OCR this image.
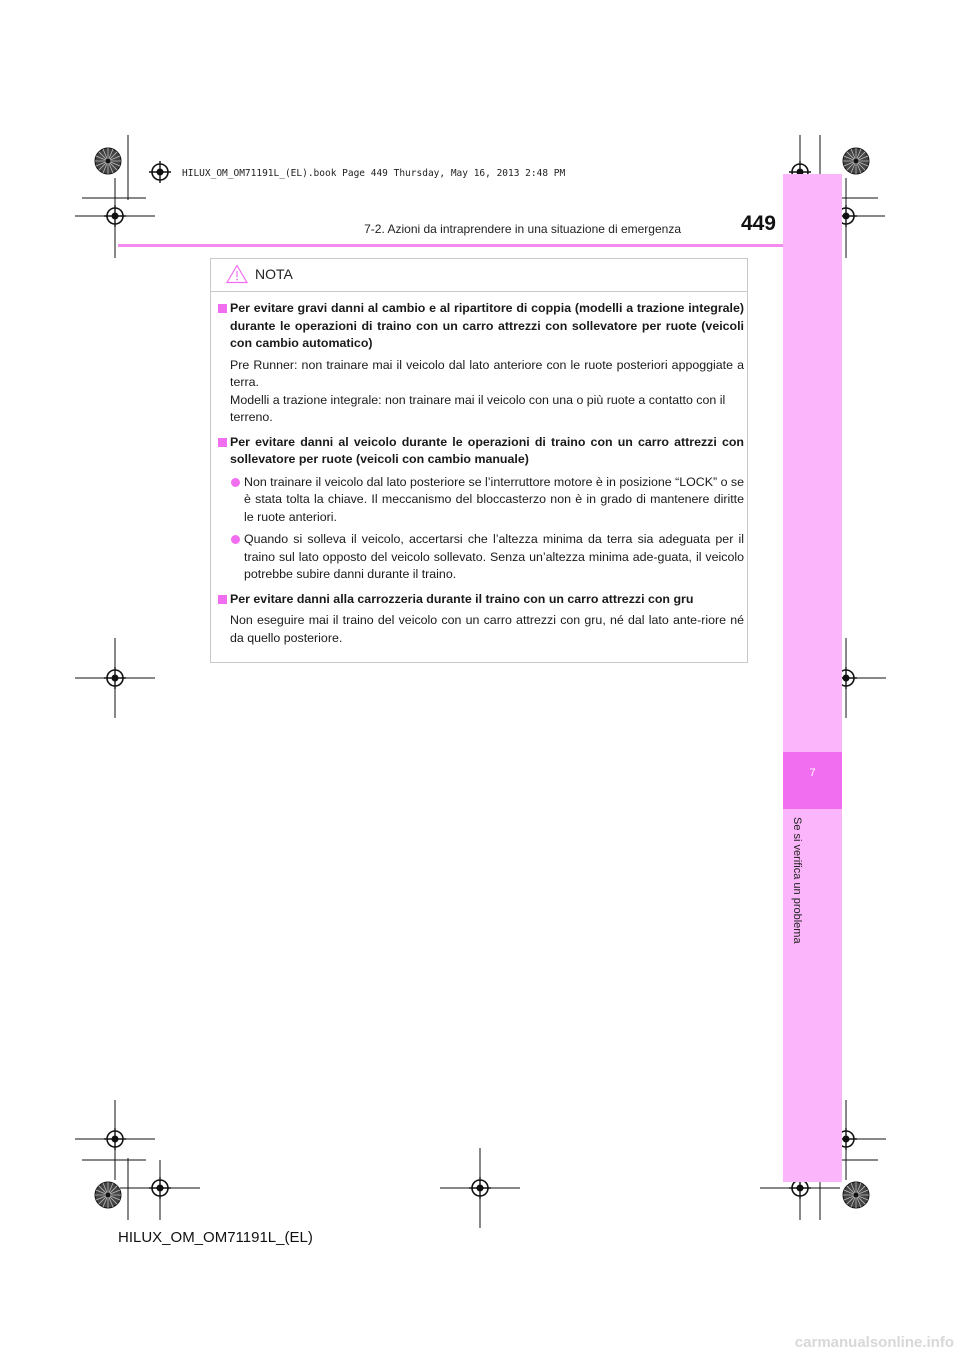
HILUX_OM_OM71191L_(EL).book Page 449 Thursday, May 16, 2013 2:48 PM
7-2. Azioni da intraprendere in una situazione di emergenza	449
7
Se si verifica un problema
NOTA
Per evitare gravi danni al cambio e al ripartitore di coppia (modelli a trazione integrale) durante le operazioni di traino con un carro attrezzi con sollevatore per ruote (veicoli con cambio automatico)
Pre Runner: non trainare mai il veicolo dal lato anteriore con le ruote posteriori appoggiate a terra.
Modelli a trazione integrale: non trainare mai il veicolo con una o più ruote a contatto con il terreno.
Per evitare danni al veicolo durante le operazioni di traino con un carro attrezzi con sollevatore per ruote (veicoli con cambio manuale)
Non trainare il veicolo dal lato posteriore se l’interruttore motore è in posizione “LOCK” o se è stata tolta la chiave. Il meccanismo del bloccasterzo non è in grado di mantenere diritte le ruote anteriori.
Quando si solleva il veicolo, accertarsi che l’altezza minima da terra sia adeguata per il traino sul lato opposto del veicolo sollevato. Senza un’altezza minima ade-guata, il veicolo potrebbe subire danni durante il traino.
Per evitare danni alla carrozzeria durante il traino con un carro attrezzi con gru
Non eseguire mai il traino del veicolo con un carro attrezzi con gru, né dal lato ante-riore né da quello posteriore.
HILUX_OM_OM71191L_(EL)
carmanualsonline.info
